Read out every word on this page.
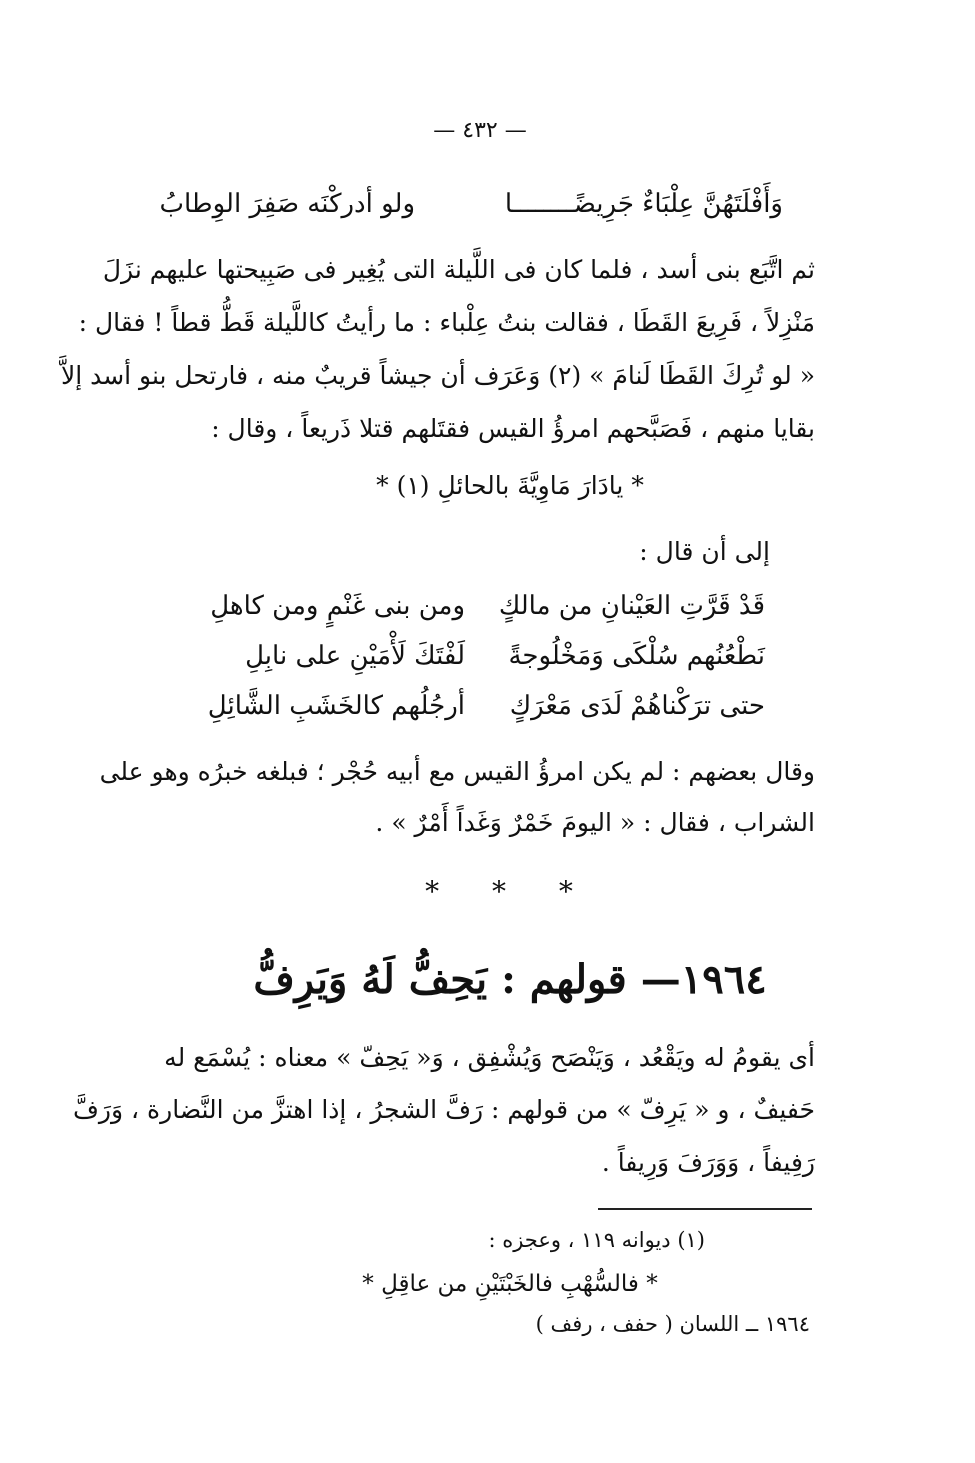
— ٤٣٢ —
وَأَفْلَتَهُنَّ عِلْبَاءٌ جَرِيضًــــــــا
ولو أدركْنَه صَفِرَ الوِطابُ
ثم اتَّبَع بنى أسد ، فلما كان فى اللَّيلة التى يُغِير فى صَبِيحتها عليهم نزَلَ
مَنْزِلاً ، فَرِيعَ القَطَا ، فقالت بنتُ عِلْباء : ما رأيتُ كاللَّيلة قَطُّ قطاً ! فقال :
« لو تُرِكَ القَطَا لَنامَ » (٢) وَعَرَف أن جيشاً قريبٌ منه ، فارتحل بنو أسد إلاَّ
بقايا منهم ، فَصَبَّحهم امرؤُ القيس فقتَلهم قتلا ذَريعاً ، وقال :
* يادَارَ مَاوِيَّةَ بالحائلِ (١) *
إلى أن قال :
قَدْ قَرَّتِ العَيْنانِ من مالكٍ
ومن بنى غَنْمٍ ومن كاهلِ
نَطْعُنُهم سُلْكَى وَمَخْلُوجةً
لَفْتَكَ لَأْمَيْنِ على نابِلِ
حتى ترَكْناهُمْ لَدَى مَعْرَكٍ
أرجُلُهم كالخَشَبِ الشَّائِلِ
وقال بعضهم : لم يكن امرؤُ القيس مع أبيه حُجْر ؛ فبلغه خبرُه وهو على
الشراب ، فقال : « اليومَ خَمْرٌ وَغَداً أَمْرٌ » .
* * *
١٩٦٤— قولهم : يَحِفُّ لَهُ وَيَرِفُّ
أى يقومُ له ويَقْعُد ، وَيَنْصَح وَيُشْفِق ، وَ« يَحِفّ » معناه : يُسْمَع له
حَفيفٌ ، و « يَرِفّ » من قولهم : رَفَّ الشجرُ ، إذا اهتزَّ من النَّضارة ، وَرَفَّ
رَفِيفاً ، وَوَرَفَ وَرِيفاً .
(١) ديوانه ١١٩ ، وعجزه :
* فالسُّهْبِ فالخَبْتَيْنِ من عاقِلِ *
١٩٦٤ ــ اللسان ( حفف ، رفف )
